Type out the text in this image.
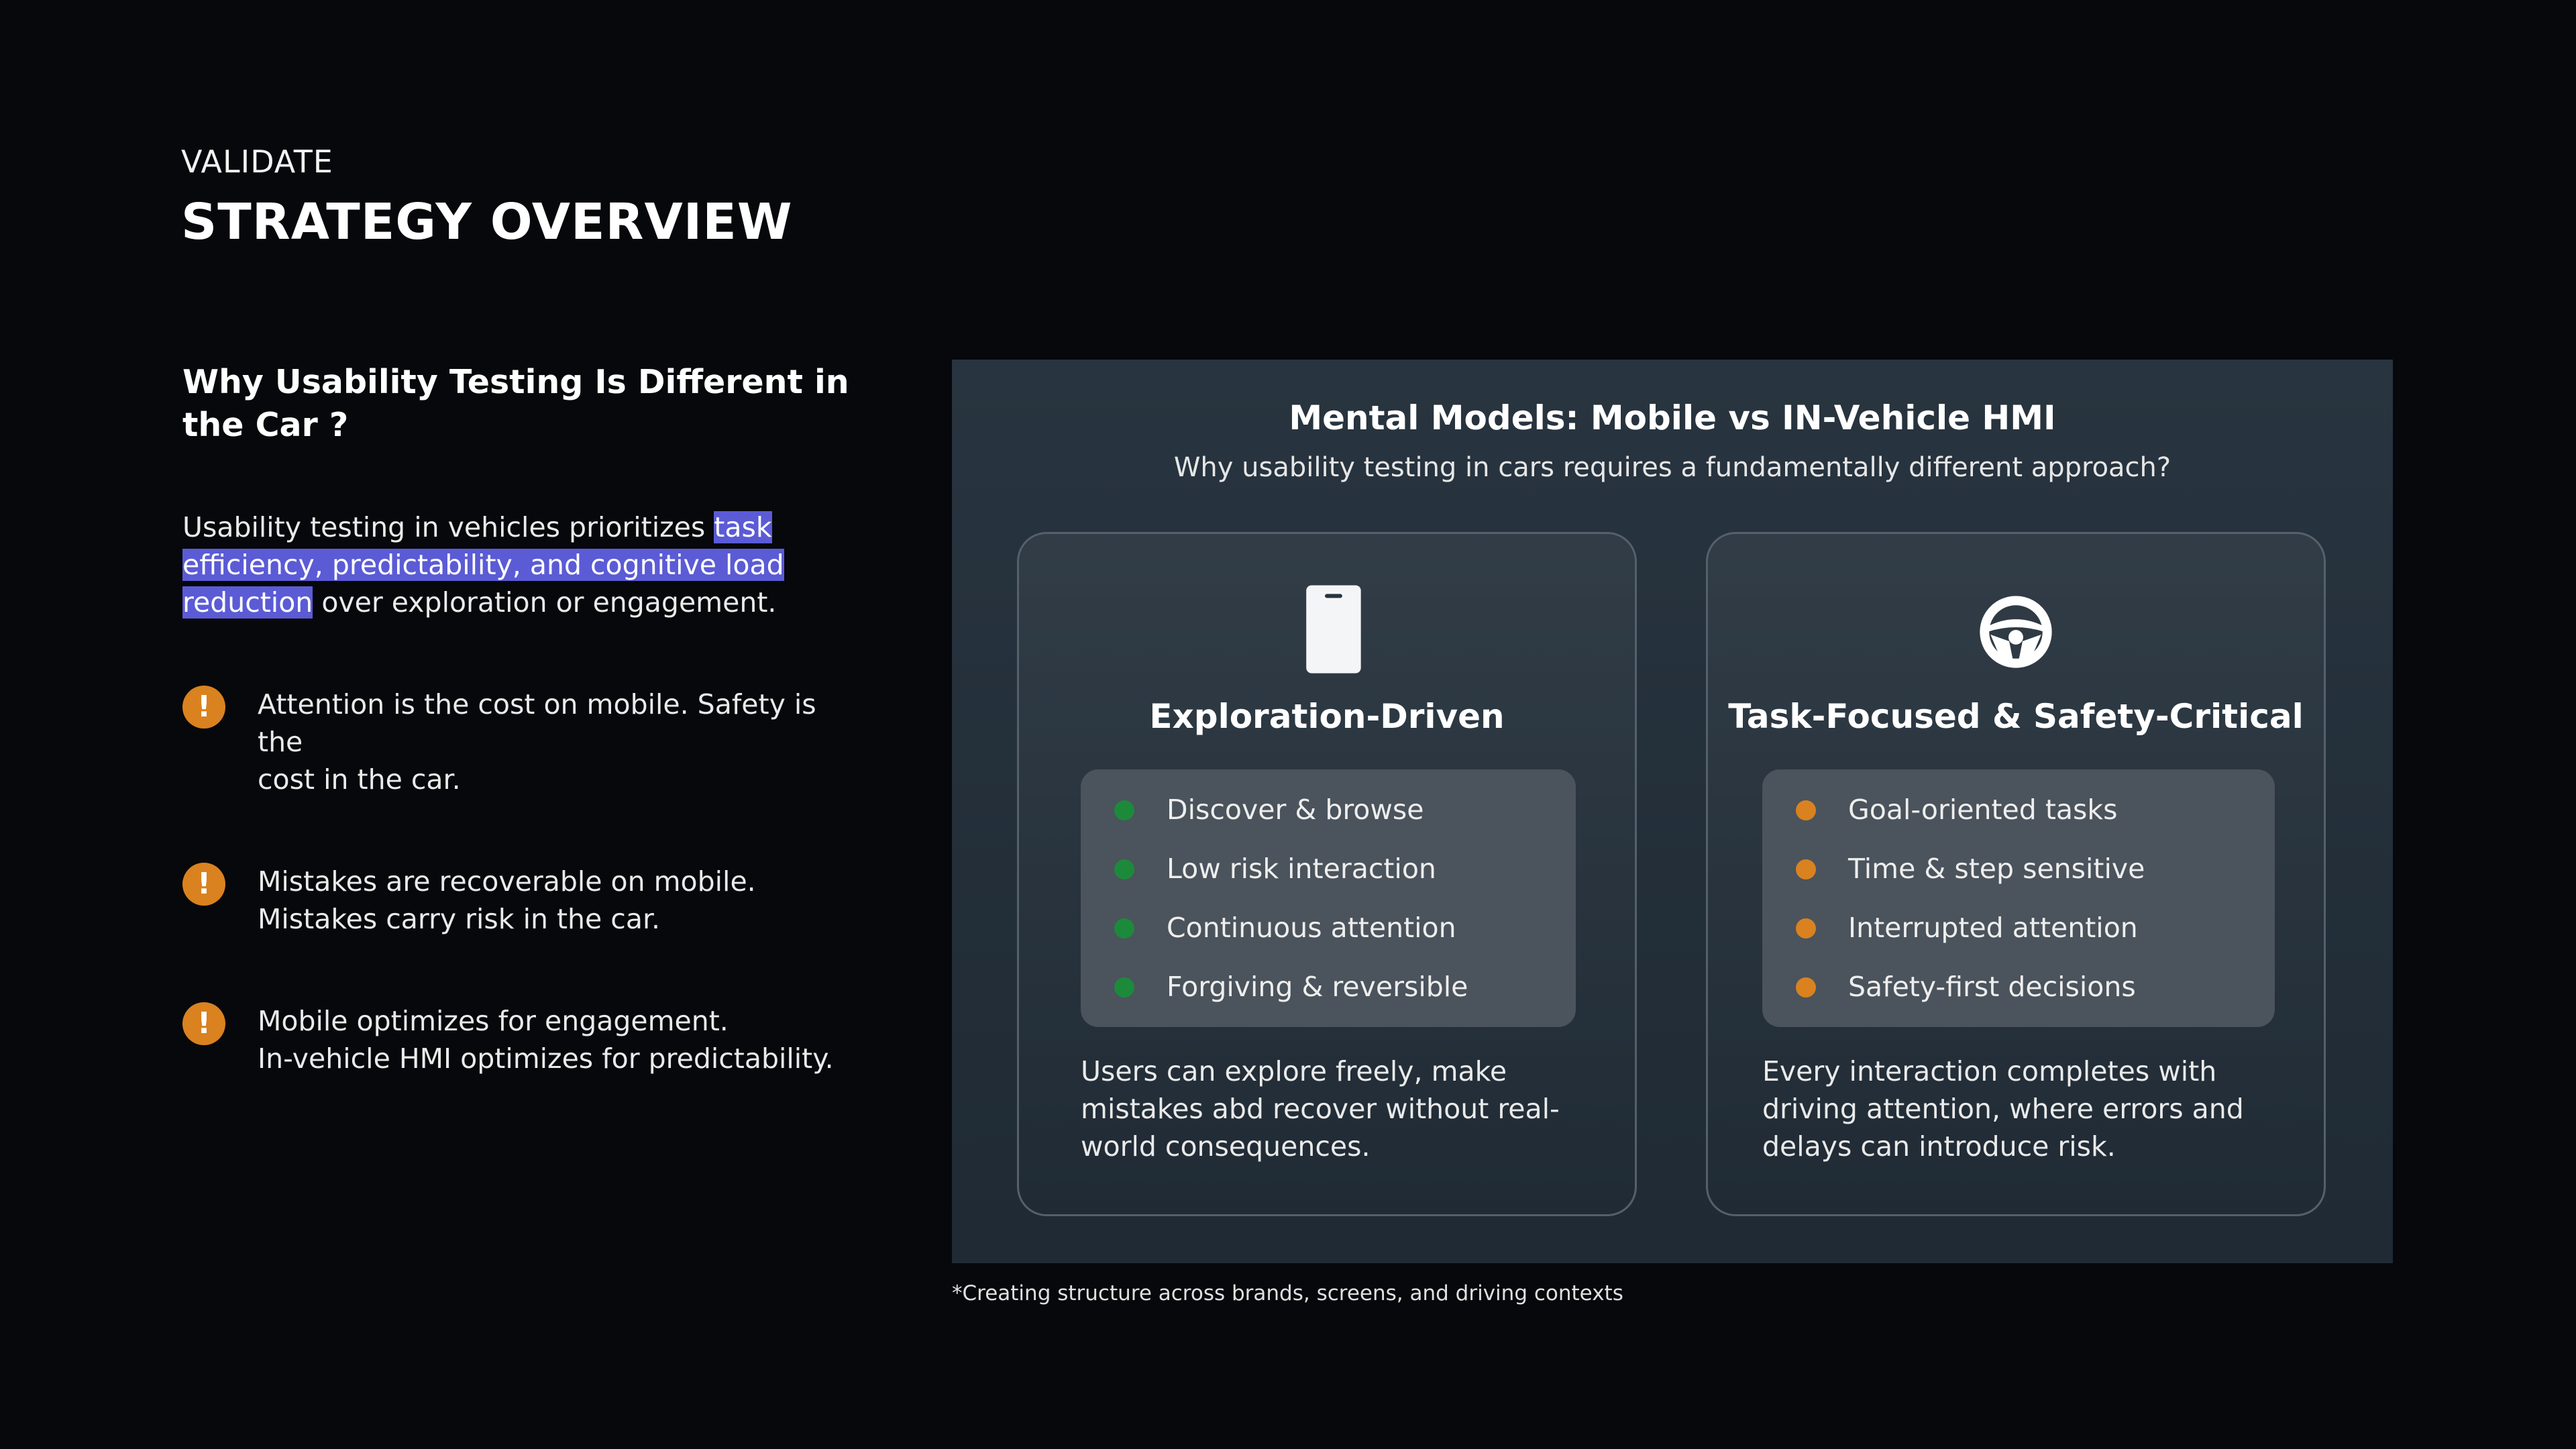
VALIDATE
STRATEGY OVERVIEW
Why Usability Testing Is Different in the Car ?
Usability testing in vehicles prioritizes task efficiency, predictability, and cognitive load reduction over exploration or engagement.
!	Attention is the cost on mobile. Safety is the
cost in the car.
!	Mistakes are recoverable on mobile.
Mistakes carry risk in the car.
!	Mobile optimizes for engagement.
In-vehicle HMI optimizes for predictability.
Mental Models: Mobile vs IN-Vehicle HMI
Why usability testing in cars requires a fundamentally different approach?
Exploration-Driven
Discover & browse
Low risk interaction
Continuous attention
Forgiving & reversible
Users can explore freely, make
mistakes abd recover without real-
world consequences.
Task-Focused & Safety-Critical
Goal-oriented tasks
Time & step sensitive
Interrupted attention
Safety-first decisions
Every interaction completes with
driving attention, where errors and
delays can introduce risk.
*Creating structure across brands, screens, and driving contexts
